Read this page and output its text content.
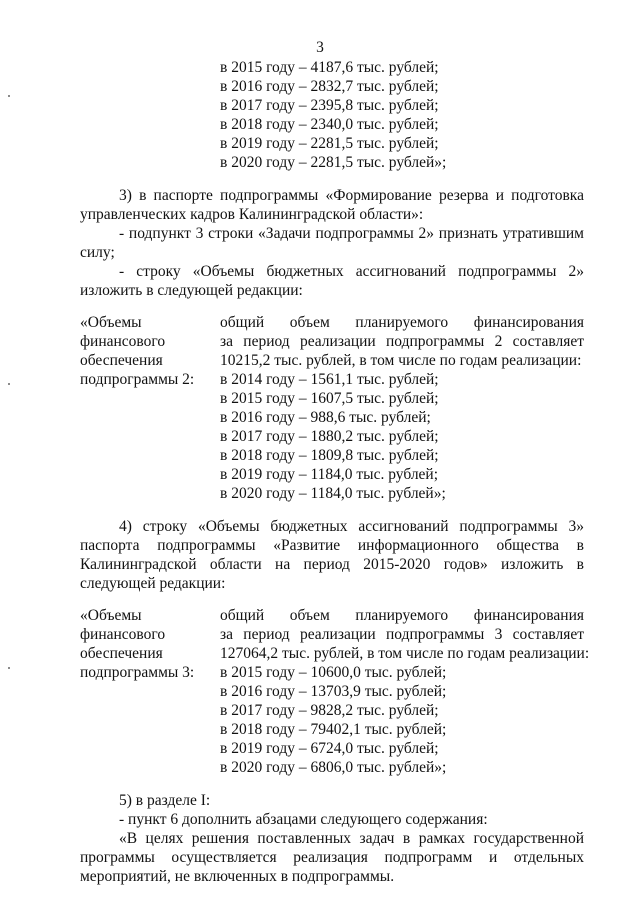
3
в 2015 году – 4187,6 тыс. рублей;
в 2016 году – 2832,7 тыс. рублей;
в 2017 году – 2395,8 тыс. рублей;
в 2018 году – 2340,0 тыс. рублей;
в 2019 году – 2281,5 тыс. рублей;
в 2020 году – 2281,5 тыс. рублей»;
3) в паспорте подпрограммы «Формирование резерва и подготовка
управленческих кадров Калининградской области»:
- подпункт 3 строки «Задачи подпрограммы 2» признать утратившим
силу;
- строку «Объемы бюджетных ассигнований подпрограммы 2»
изложить в следующей редакции:
«Объемы
финансового
обеспечения
подпрограммы 2:
общий объем планируемого финансирования
за период реализации подпрограммы 2 составляет
10215,2 тыс. рублей, в том числе по годам реализации:
в 2014 году – 1561,1 тыс. рублей;
в 2015 году – 1607,5 тыс. рублей;
в 2016 году – 988,6 тыс. рублей;
в 2017 году – 1880,2 тыс. рублей;
в 2018 году – 1809,8 тыс. рублей;
в 2019 году – 1184,0 тыс. рублей;
в 2020 году – 1184,0 тыс. рублей»;
4) строку «Объемы бюджетных ассигнований подпрограммы 3»
паспорта подпрограммы «Развитие информационного общества в
Калининградской области на период 2015-2020 годов» изложить в
следующей редакции:
«Объемы
финансового
обеспечения
подпрограммы 3:
общий объем планируемого финансирования
за период реализации подпрограммы 3 составляет
127064,2 тыс. рублей, в том числе по годам реализации:
в 2015 году – 10600,0 тыс. рублей;
в 2016 году – 13703,9 тыс. рублей;
в 2017 году – 9828,2 тыс. рублей;
в 2018 году – 79402,1 тыс. рублей;
в 2019 году – 6724,0 тыс. рублей;
в 2020 году – 6806,0 тыс. рублей»;
5) в разделе I:
- пункт 6 дополнить абзацами следующего содержания:
«В целях решения поставленных задач в рамках государственной
программы осуществляется реализация подпрограмм и отдельных
мероприятий, не включенных в подпрограммы.
